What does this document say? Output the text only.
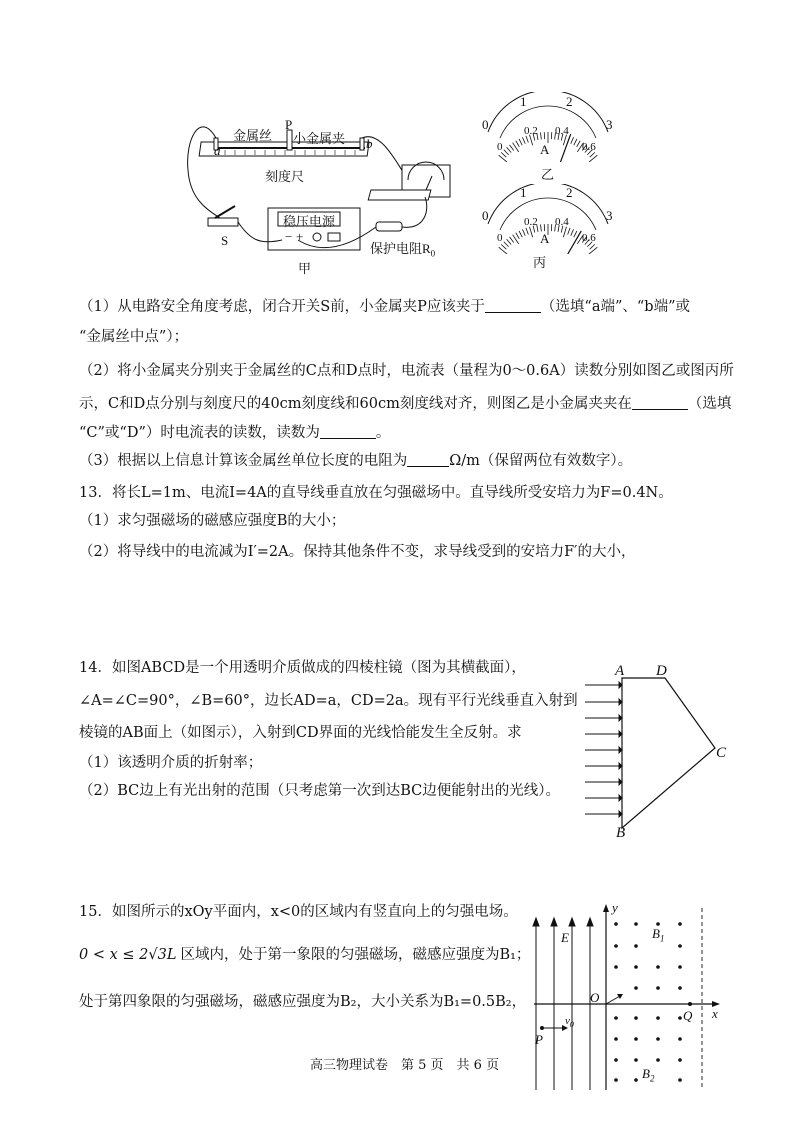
金属丝
P
小金属夹
a	b
刻度尺
S
稳压电源
− +
保护电阻$R_0$
甲
0
1	2
3
0
0.2 0.4
0.6
A
乙
0
1	2
3
0
0.2 0.4
0.6
A
丙
（1）从电路安全角度考虑，闭合开关S前，小金属夹P应该夹于	（选填“a端”、“b端”或
“金属丝中点”）；
（2）将小金属夹分别夹于金属丝的C点和D点时，电流表（量程为0～0.6A）读数分别如图乙或图丙所
示，C和D点分别与刻度尺的40cm刻度线和60cm刻度线对齐，则图乙是小金属夹夹在	（选填
“C”或“D”）时电流表的读数，读数为	。
（3）根据以上信息计算该金属丝单位长度的电阻为	Ω/m（保留两位有效数字）。
13．将长L=1m、电流I=4A的直导线垂直放在匀强磁场中。直导线所受安培力为F=0.4N。
（1）求匀强磁场的磁感应强度B的大小；
（2）将导线中的电流减为I′=2A。保持其他条件不变，求导线受到的安培力F′的大小，
14．如图ABCD是一个用透明介质做成的四棱柱镜（图为其横截面），
∠A=∠C=90°，∠B=60°，边长AD=a，CD=2a。现有平行光线垂直入射到
棱镜的AB面上（如图示），入射到CD界面的光线恰能发生全反射。求
（1）该透明介质的折射率；
（2）BC边上有光出射的范围（只考虑第一次到达BC边便能射出的光线）。
A D
C
B
15．如图所示的xOy平面内，x<0的区域内有竖直向上的匀强电场。
0 < x ≤ 2√3L 区域内，处于第一象限的匀强磁场，磁感应强度为B₁；
处于第四象限的匀强磁场，磁感应强度为B₂，大小关系为B₁=0.5B₂，
y
x
O
E	$B_1$
$B_2$
P
Q
$v_0$
高三物理试卷　第 5 页　共 6 页
